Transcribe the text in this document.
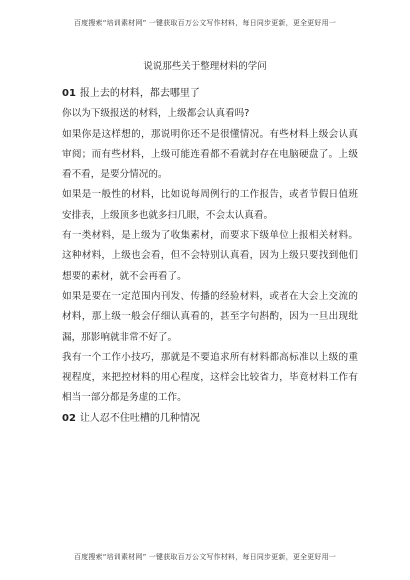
百度搜索“培训素材网” 一键获取百万公文写作材料，每日同步更新，更全更好用一
说说那些关于整理材料的学问

01 报上去的材料，都去哪里了

你以为下级报送的材料，上级都会认真看吗?

如果你是这样想的，那说明你还不是很懂情况。有些材料上级会认真审阅；而有些材料，上级可能连看都不看就封存在电脑硬盘了。上级看不看，是要分情况的。

如果是一般性的材料，比如说每周例行的工作报告，或者节假日值班安排表，上级顶多也就多扫几眼，不会太认真看。

有一类材料，是上级为了收集素材，而要求下级单位上报相关材料。这种材料，上级也会看，但不会特别认真看，因为上级只要找到他们想要的素材，就不会再看了。

如果是要在一定范围内刊发、传播的经验材料，或者在大会上交流的材料，那上级一般会仔细认真看的，甚至字句斟酌，因为一旦出现纰漏，那影响就非常不好了。

我有一个工作小技巧，那就是不要追求所有材料都高标准以上级的重视程度，来把控材料的用心程度，这样会比较省力，毕竟材料工作有相当一部分都是务虚的工作。

02 让人忍不住吐槽的几种情况

百度搜索“培训素材网” 一键获取百万公文写作材料，每日同步更新，更全更好用一
